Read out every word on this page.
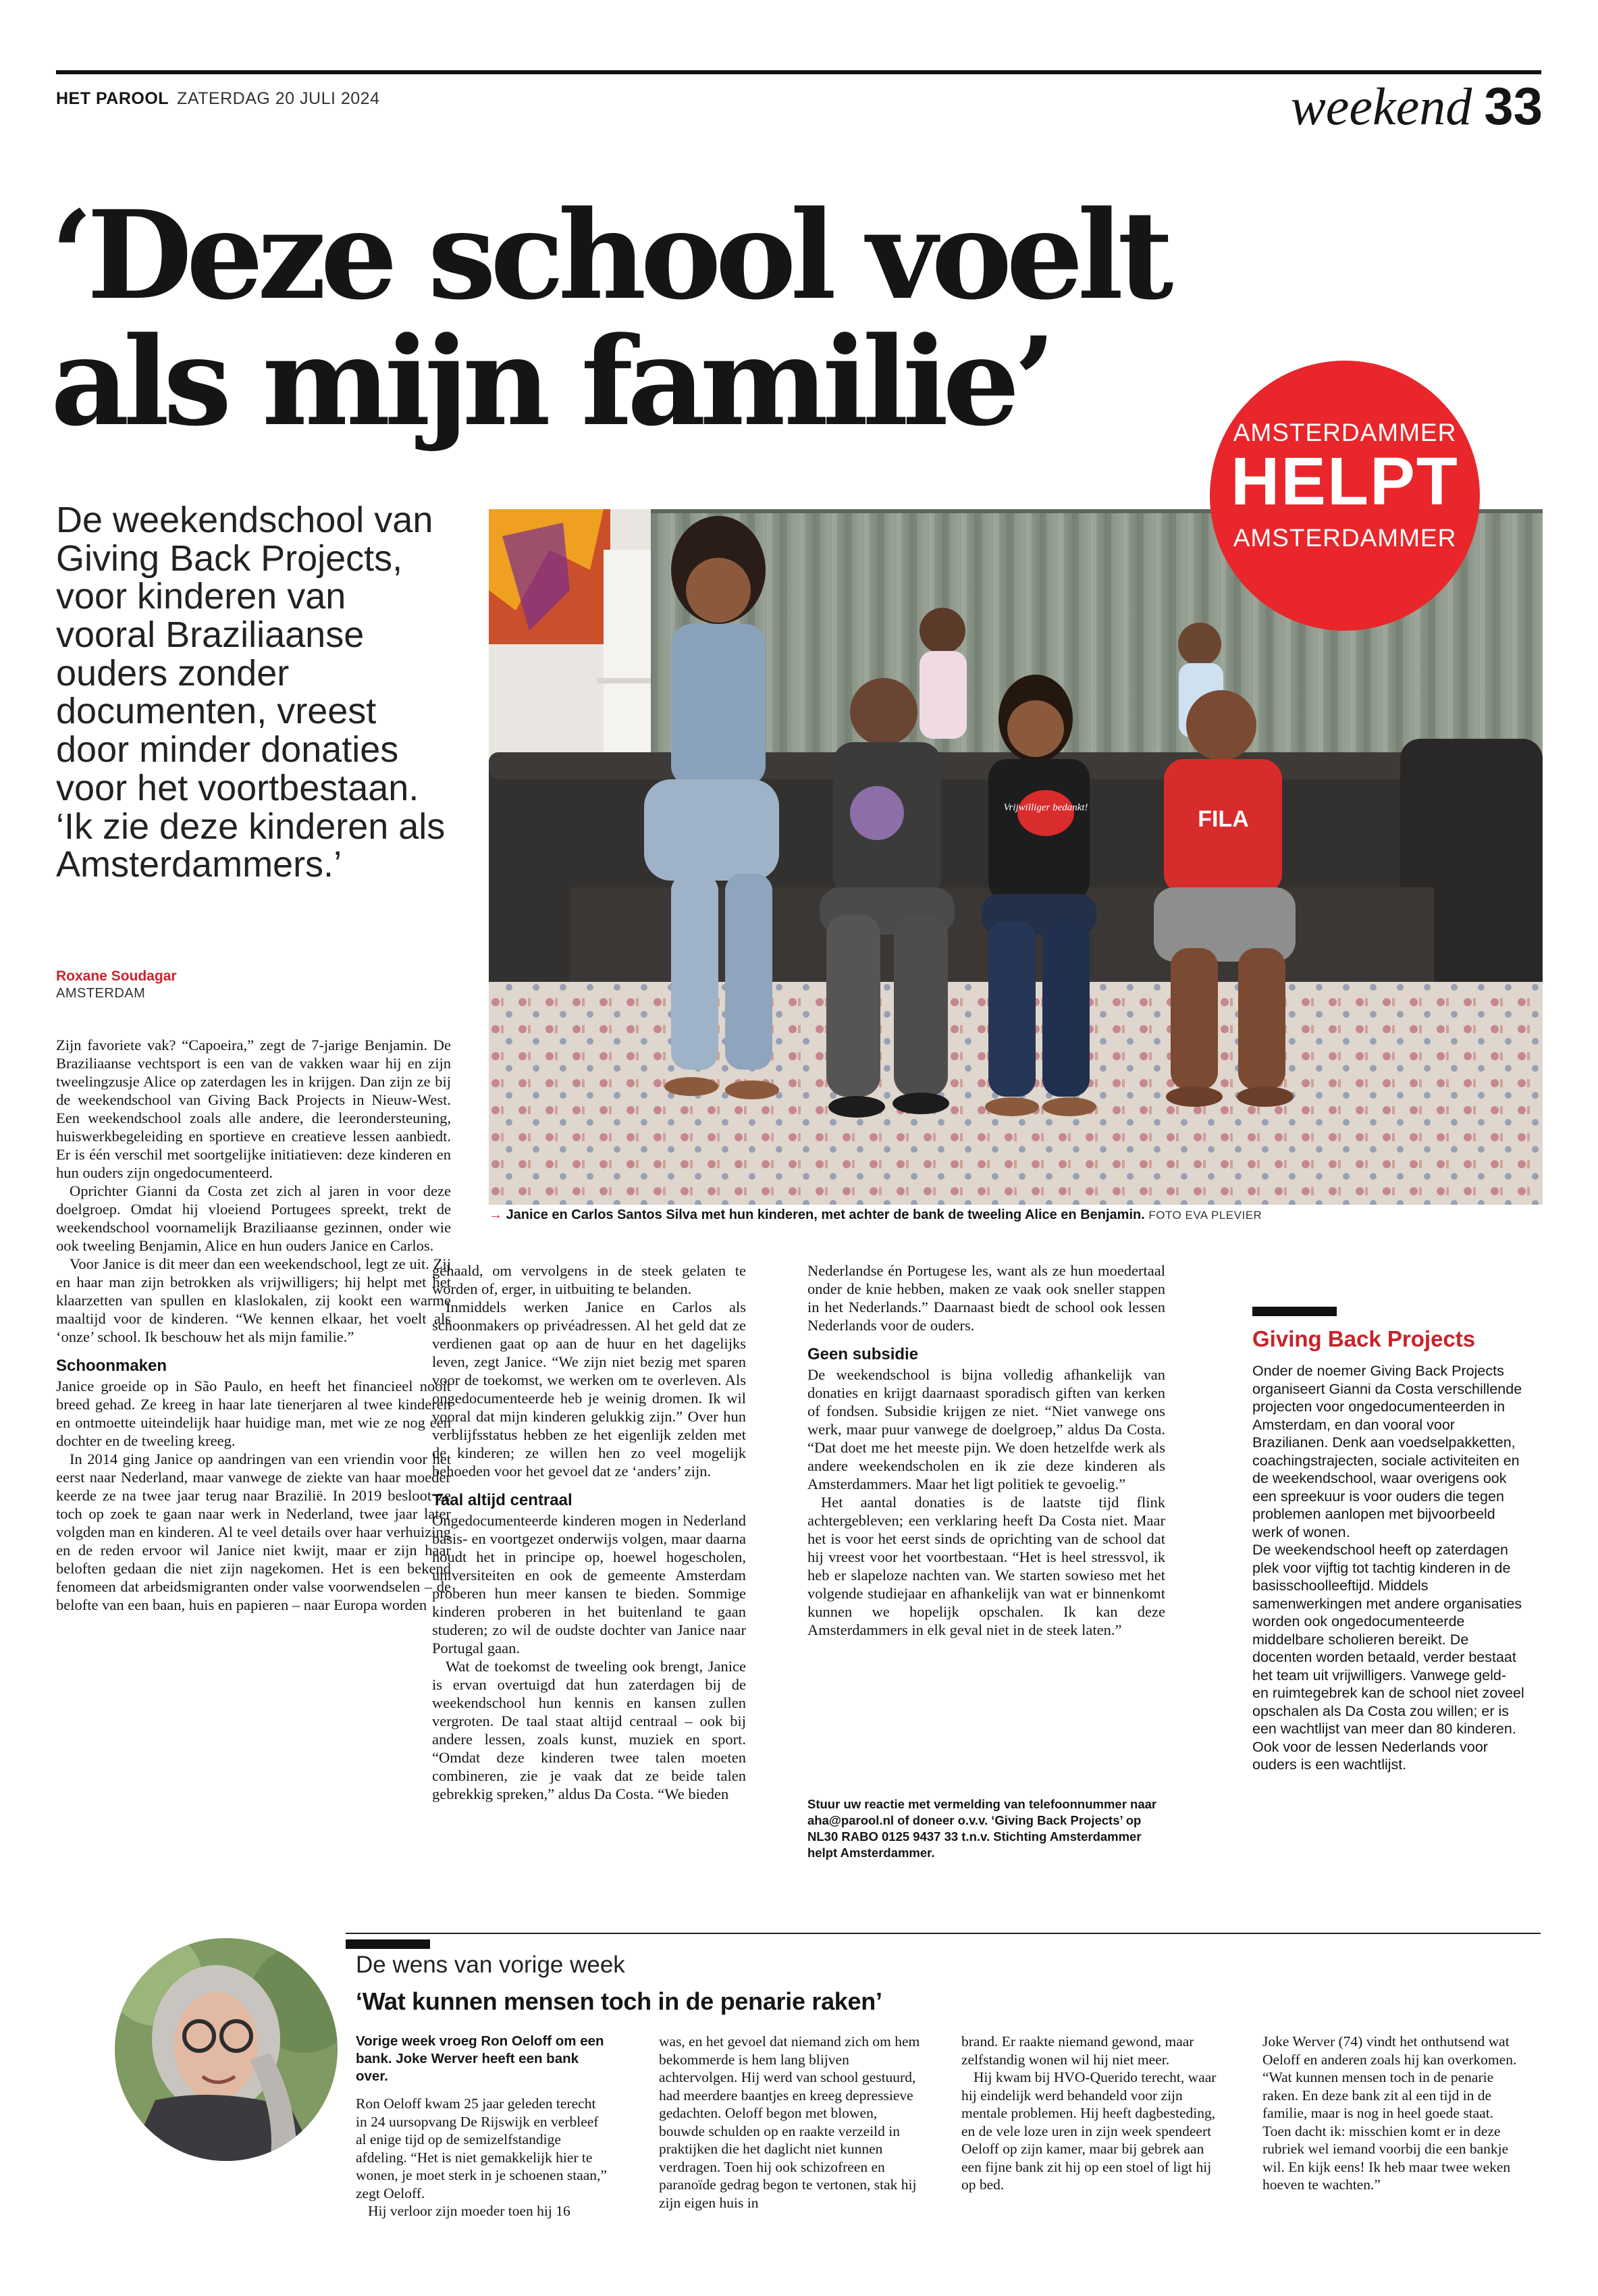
HET PAROOL ZATERDAG 20 JULI 2024	weekend 33
‘Deze school voelt
als mijn familie’

De weekendschool van Giving Back Projects, voor kinderen van vooral Braziliaanse ouders zonder documenten, vreest door minder donaties voor het voortbestaan. ‘Ik zie deze kinderen als Amsterdammers.’

Roxane Soudagar
AMSTERDAM
Vrijwilliger bedankt!	FILA
→ Janice en Carlos Santos Silva met hun kinderen, met achter de bank de tweeling Alice en Benjamin. FOTO EVA PLEVIER
AMSTERDAMMER
HELPT
AMSTERDAMMER

Zijn favoriete vak? “Capoeira,” zegt de 7-jarige Benjamin. De Braziliaanse vechtsport is een van de vakken waar hij en zijn tweelingzusje Alice op zaterdagen les in krijgen. Dan zijn ze bij de weekendschool van Giving Back Projects in Nieuw-West. Een weekendschool zoals alle andere, die leerondersteuning, huiswerkbegeleiding en sportieve en creatieve lessen aanbiedt. Er is één verschil met soortgelijke initiatieven: deze kinderen en hun ouders zijn ongedocumenteerd.

Oprichter Gianni da Costa zet zich al jaren in voor deze doelgroep. Omdat hij vloeiend Portugees spreekt, trekt de weekendschool voornamelijk Braziliaanse gezinnen, onder wie ook tweeling Benjamin, Alice en hun ouders Janice en Carlos.

Voor Janice is dit meer dan een weekendschool, legt ze uit. Zij en haar man zijn betrokken als vrijwilligers; hij helpt met het klaarzetten van spullen en klaslokalen, zij kookt een warme maaltijd voor de kinderen. “We kennen elkaar, het voelt als ‘onze’ school. Ik beschouw het als mijn familie.”

Schoonmaken

Janice groeide op in São Paulo, en heeft het financieel nooit breed gehad. Ze kreeg in haar late tienerjaren al twee kinderen en ontmoette uiteindelijk haar huidige man, met wie ze nog een dochter en de tweeling kreeg.

In 2014 ging Janice op aandringen van een vriendin voor het eerst naar Nederland, maar vanwege de ziekte van haar moeder keerde ze na twee jaar terug naar Brazilië. In 2019 besloot ze toch op zoek te gaan naar werk in Nederland, twee jaar later volgden man en kinderen. Al te veel details over haar verhuizing en de reden ervoor wil Janice niet kwijt, maar er zijn haar beloften gedaan die niet zijn nagekomen. Het is een bekend fenomeen dat arbeidsmigranten onder valse voorwendselen – de belofte van een baan, huis en papieren – naar Europa worden

gehaald, om vervolgens in de steek gelaten te worden of, erger, in uitbuiting te belanden.

Inmiddels werken Janice en Carlos als schoonmakers op privéadressen. Al het geld dat ze verdienen gaat op aan de huur en het dagelijks leven, zegt Janice. “We zijn niet bezig met sparen voor de toekomst, we werken om te overleven. Als ongedocumenteerde heb je weinig dromen. Ik wil vooral dat mijn kinderen gelukkig zijn.” Over hun verblijfsstatus hebben ze het eigenlijk zelden met de kinderen; ze willen hen zo veel mogelijk behoeden voor het gevoel dat ze ‘anders’ zijn.

Taal altijd centraal

Ongedocumenteerde kinderen mogen in Nederland basis- en voortgezet onderwijs volgen, maar daarna houdt het in principe op, hoewel hogescholen, universiteiten en ook de gemeente Amsterdam proberen hun meer kansen te bieden. Sommige kinderen proberen in het buitenland te gaan studeren; zo wil de oudste dochter van Janice naar Portugal gaan.

Wat de toekomst de tweeling ook brengt, Janice is ervan overtuigd dat hun zaterdagen bij de weekendschool hun kennis en kansen zullen vergroten. De taal staat altijd centraal – ook bij andere lessen, zoals kunst, muziek en sport. “Omdat deze kinderen twee talen moeten combineren, zie je vaak dat ze beide talen gebrekkig spreken,” aldus Da Costa. “We bieden

Nederlandse én Portugese les, want als ze hun moedertaal onder de knie hebben, maken ze vaak ook sneller stappen in het Nederlands.” Daarnaast biedt de school ook lessen Nederlands voor de ouders.

Geen subsidie

De weekendschool is bijna volledig afhankelijk van donaties en krijgt daarnaast sporadisch giften van kerken of fondsen. Subsidie krijgen ze niet. “Niet vanwege ons werk, maar puur vanwege de doelgroep,” aldus Da Costa. “Dat doet me het meeste pijn. We doen hetzelfde werk als andere weekendscholen en ik zie deze kinderen als Amsterdammers. Maar het ligt politiek te gevoelig.”

Het aantal donaties is de laatste tijd flink achtergebleven; een verklaring heeft Da Costa niet. Maar het is voor het eerst sinds de oprichting van de school dat hij vreest voor het voortbestaan. “Het is heel stressvol, ik heb er slapeloze nachten van. We starten sowieso met het volgende studiejaar en afhankelijk van wat er binnenkomt kunnen we hopelijk opschalen. Ik kan deze Amsterdammers in elk geval niet in de steek laten.”

Stuur uw reactie met vermelding van telefoonnummer naar aha@parool.nl of doneer o.v.v. ‘Giving Back Projects’ op NL30 RABO 0125 9437 33 t.n.v. Stichting Amsterdammer helpt Amsterdammer.
Giving Back Projects

Onder de noemer Giving Back Projects organiseert Gianni da Costa verschillende projecten voor ongedocumenteerden in Amsterdam, en dan vooral voor Brazilianen. Denk aan voedselpakketten, coachingstrajecten, sociale activiteiten en de weekendschool, waar overigens ook een spreekuur is voor ouders die tegen problemen aanlopen met bijvoorbeeld werk of wonen.

De weekendschool heeft op zaterdagen plek voor vijftig tot tachtig kinderen in de basisschoolleeftijd. Middels samenwerkingen met andere organisaties worden ook ongedocumenteerde middelbare scholieren bereikt. De docenten worden betaald, verder bestaat het team uit vrijwilligers. Vanwege geld- en ruimtegebrek kan de school niet zoveel opschalen als Da Costa zou willen; er is een wachtlijst van meer dan 80 kinderen. Ook voor de lessen Nederlands voor ouders is een wachtlijst.

De wens van vorige week
‘Wat kunnen mensen toch in de penarie raken’

Vorige week vroeg Ron Oeloff om een bank. Joke Werver heeft een bank over.

Ron Oeloff kwam 25 jaar geleden terecht in 24 uursopvang De Rijswijk en verbleef al enige tijd op de semizelfstandige afdeling. “Het is niet gemakkelijk hier te wonen, je moet sterk in je schoenen staan,” zegt Oeloff.

Hij verloor zijn moeder toen hij 16

was, en het gevoel dat niemand zich om hem bekommerde is hem lang blijven achtervolgen. Hij werd van school gestuurd, had meerdere baantjes en kreeg depressieve gedachten. Oeloff begon met blowen, bouwde schulden op en raakte verzeild in praktijken die het daglicht niet kunnen verdragen. Toen hij ook schizofreen en paranoïde gedrag begon te vertonen, stak hij zijn eigen huis in

brand. Er raakte niemand gewond, maar zelfstandig wonen wil hij niet meer.

Hij kwam bij HVO-Querido terecht, waar hij eindelijk werd behandeld voor zijn mentale problemen. Hij heeft dagbesteding, en de vele loze uren in zijn week spendeert Oeloff op zijn kamer, maar bij gebrek aan een fijne bank zit hij op een stoel of ligt hij op bed.

Joke Werver (74) vindt het onthutsend wat Oeloff en anderen zoals hij kan overkomen. “Wat kunnen mensen toch in de penarie raken. En deze bank zit al een tijd in de familie, maar is nog in heel goede staat. Toen dacht ik: misschien komt er in deze rubriek wel iemand voorbij die een bankje wil. En kijk eens! Ik heb maar twee weken hoeven te wachten.”
